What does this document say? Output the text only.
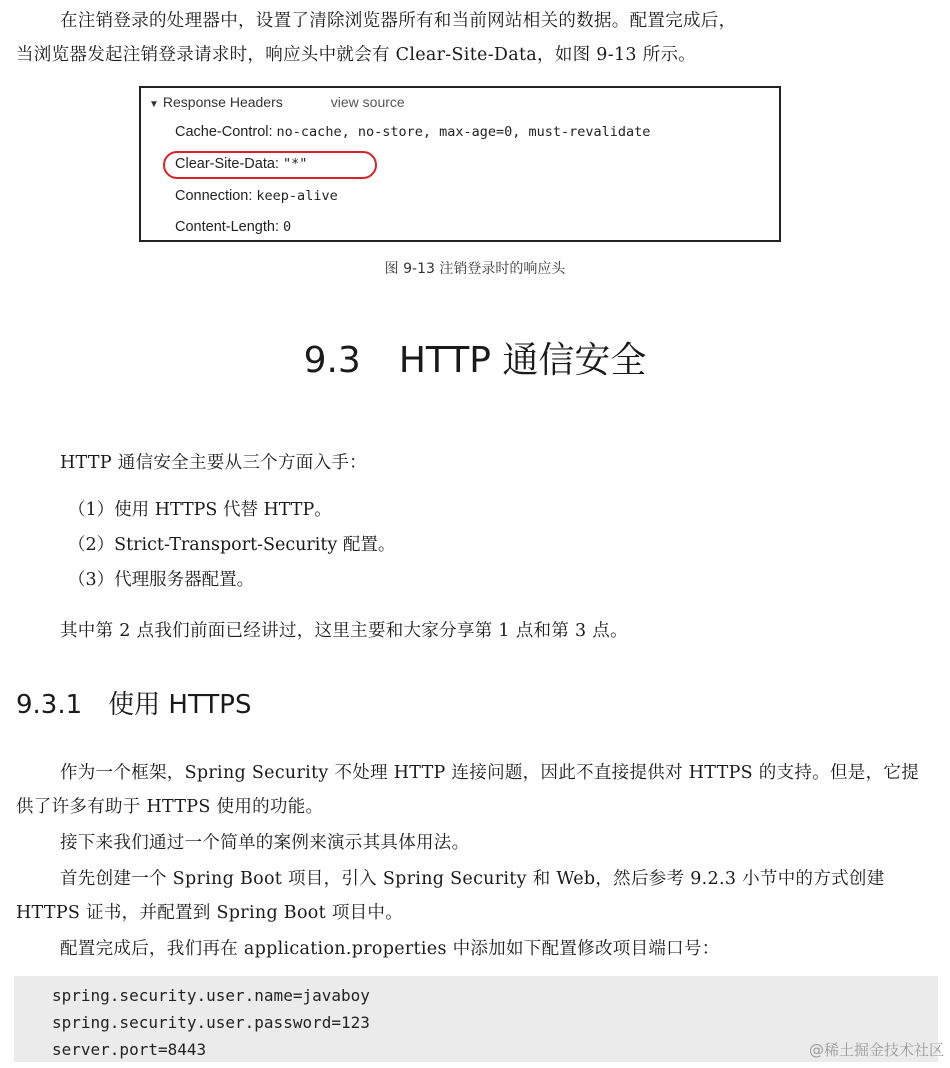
在注销登录的处理器中，设置了清除浏览器所有和当前网站相关的数据。配置完成后，
当浏览器发起注销登录请求时，响应头中就会有 Clear-Site-Data，如图 9-13 所示。

▼ Response Headers	view source
Cache-Control: no-cache, no-store, max-age=0, must-revalidate
Clear-Site-Data: "*"
Connection: keep-alive
Content-Length: 0
图 9-13 注销登录时的响应头
9.3 HTTP 通信安全

HTTP 通信安全主要从三个方面入手：

（1）使用 HTTPS 代替 HTTP。
（2）Strict-Transport-Security 配置。
（3）代理服务器配置。

其中第 2 点我们前面已经讲过，这里主要和大家分享第 1 点和第 3 点。

9.3.1 使用 HTTPS

作为一个框架，Spring Security 不处理 HTTP 连接问题，因此不直接提供对 HTTPS 的支持。但是，它提供了许多有助于 HTTPS 使用的功能。

接下来我们通过一个简单的案例来演示其具体用法。

首先创建一个 Spring Boot 项目，引入 Spring Security 和 Web，然后参考 9.2.3 小节中的方式创建 HTTPS 证书，并配置到 Spring Boot 项目中。

配置完成后，我们再在 application.properties 中添加如下配置修改项目端口号：

spring.security.user.name=javaboy
spring.security.user.password=123
server.port=8443	@稀土掘金技术社区
